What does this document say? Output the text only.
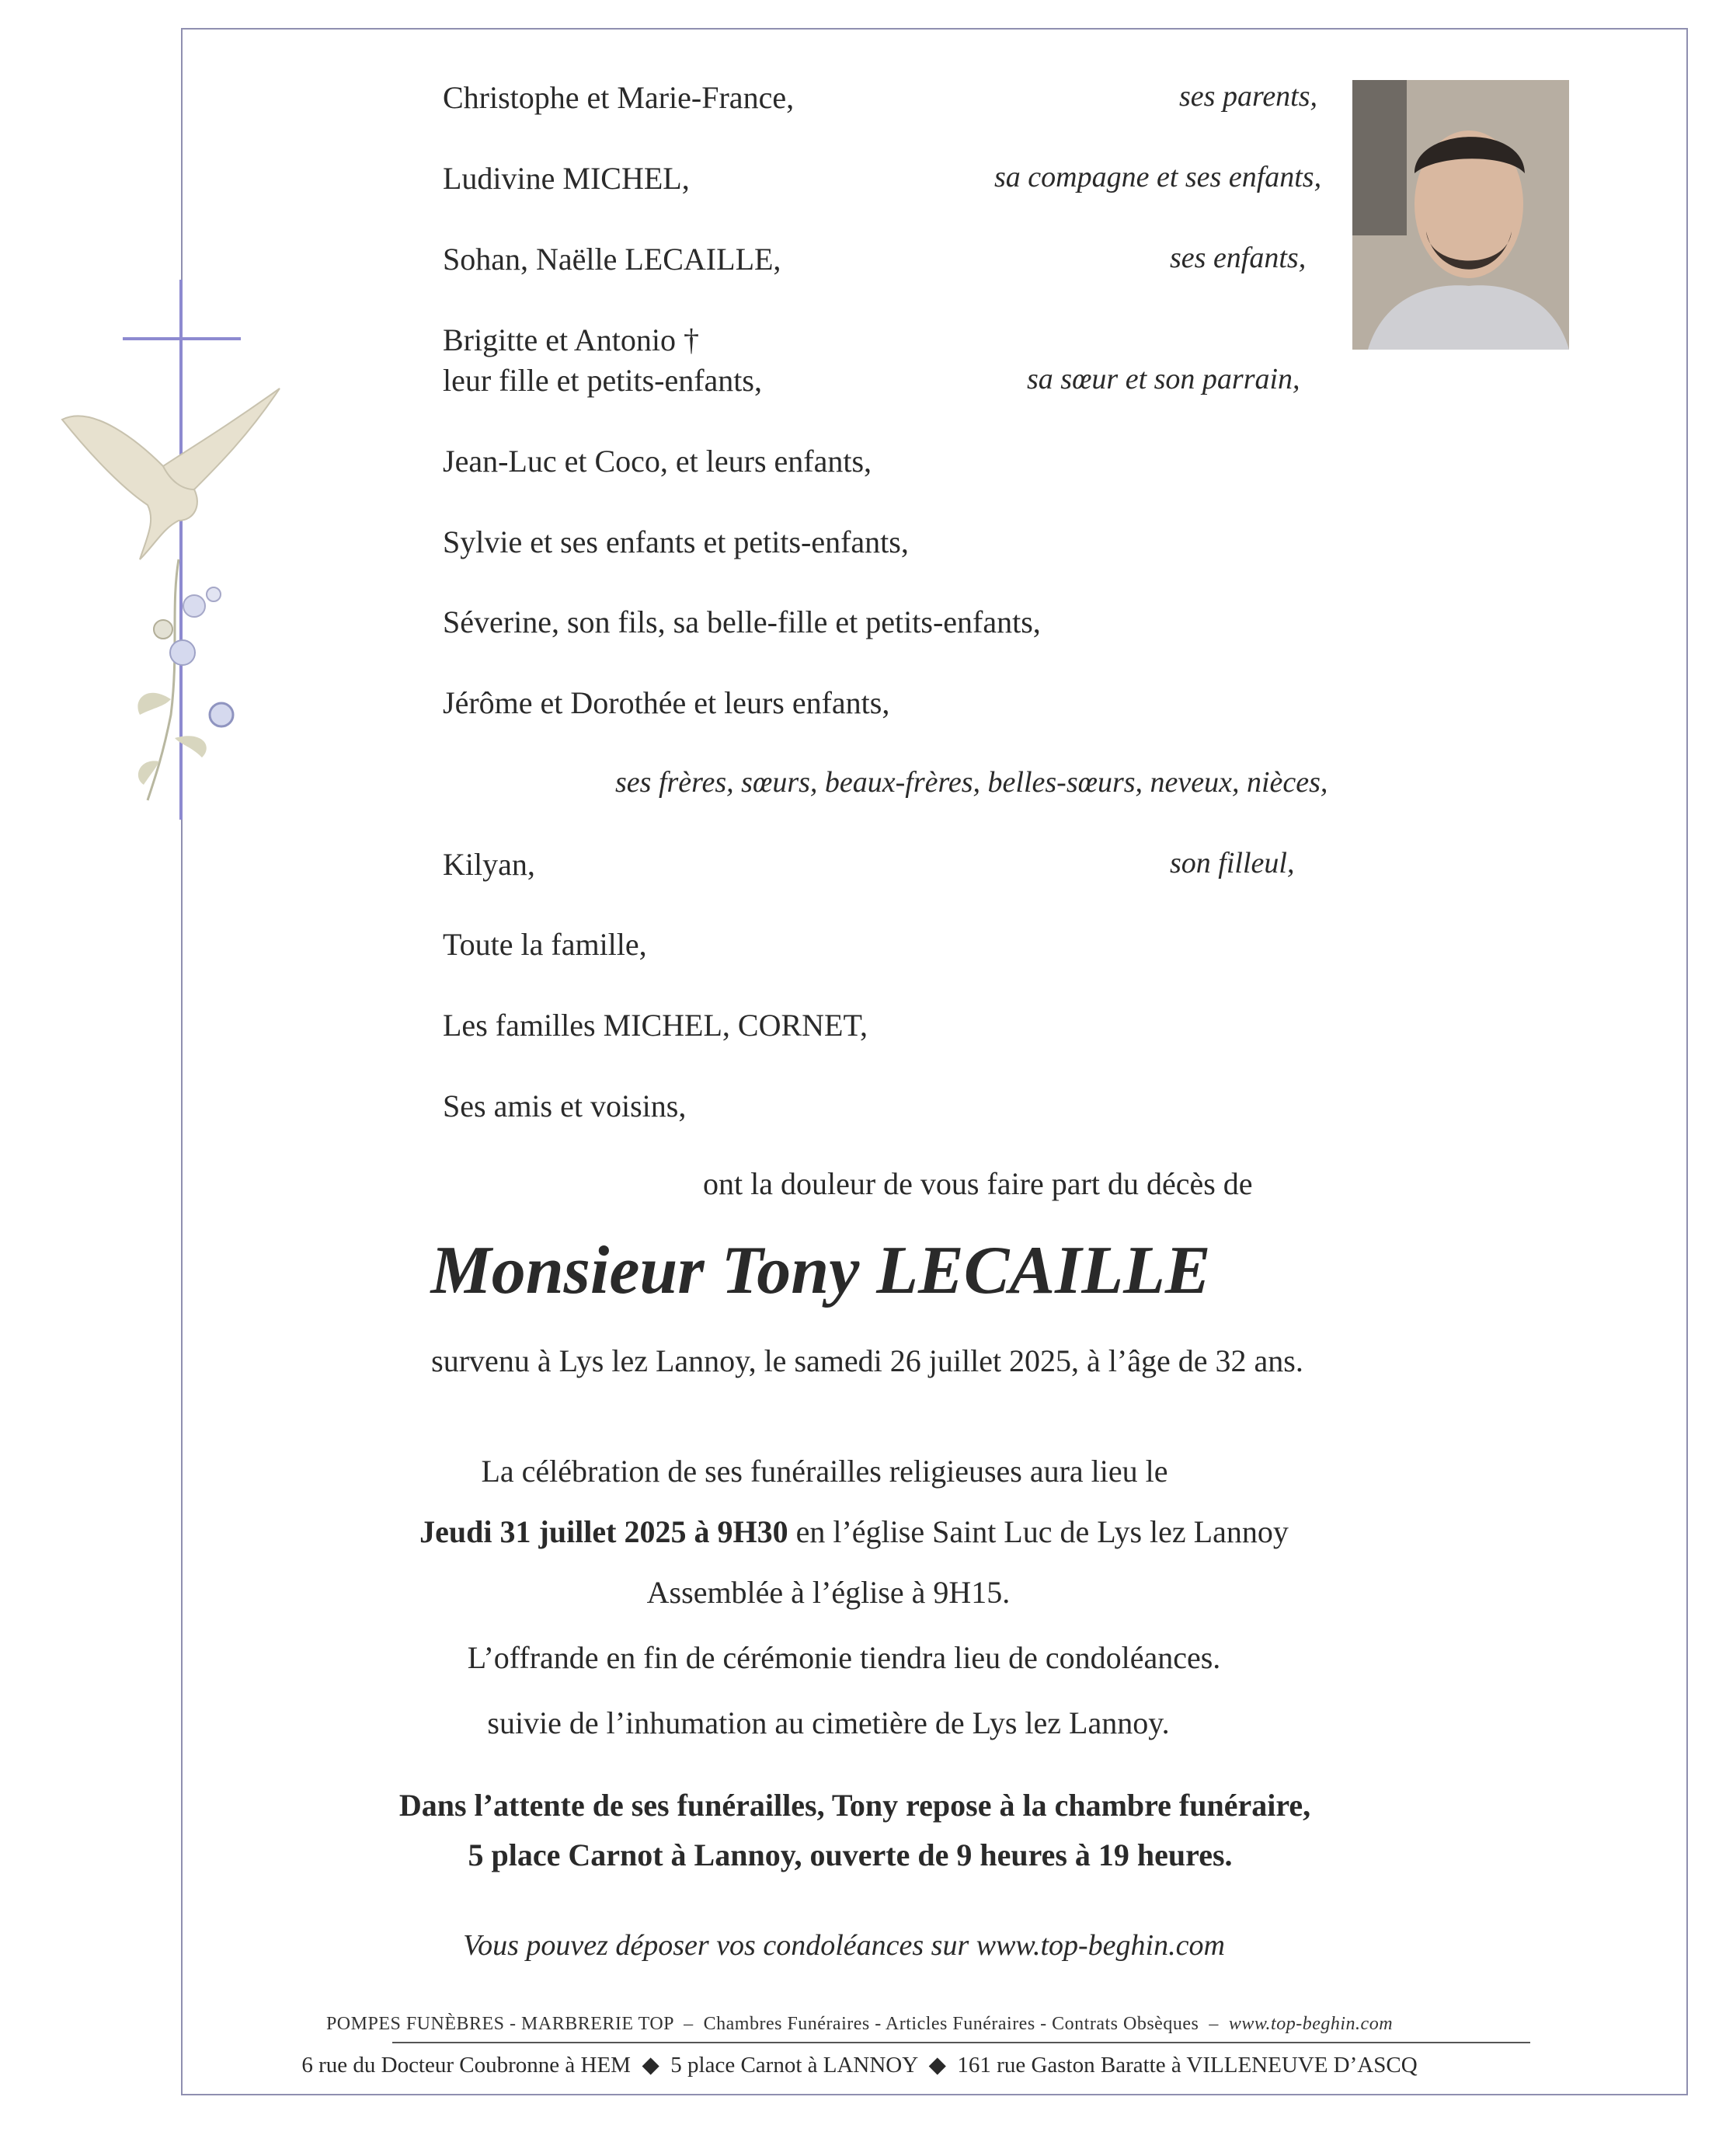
Christophe et Marie-France,	ses parents,
Ludivine MICHEL,	sa compagne et ses enfants,
Sohan, Naëlle LECAILLE,	ses enfants,
Brigitte et Antonio †
leur fille et petits-enfants,	sa sœur et son parrain,
Jean-Luc et Coco, et leurs enfants,
Sylvie et ses enfants et petits-enfants,
Séverine, son fils, sa belle-fille et petits-enfants,
Jérôme et Dorothée et leurs enfants,
ses frères, sœurs, beaux-frères, belles-sœurs, neveux, nièces,
Kilyan,	son filleul,
Toute la famille,
Les familles MICHEL, CORNET,
Ses amis et voisins,
ont la douleur de vous faire part du décès de
Monsieur Tony LECAILLE
survenu à Lys lez Lannoy, le samedi 26 juillet 2025, à l’âge de 32 ans.
La célébration de ses funérailles religieuses aura lieu le
Jeudi 31 juillet 2025 à 9H30 en l’église Saint Luc de Lys lez Lannoy
Assemblée à l’église à 9H15.
L’offrande en fin de cérémonie tiendra lieu de condoléances.
suivie de l’inhumation au cimetière de Lys lez Lannoy.
Dans l’attente de ses funérailles, Tony repose à la chambre funéraire,
5 place Carnot à Lannoy, ouverte de 9 heures à 19 heures.
Vous pouvez déposer vos condoléances sur www.top-beghin.com
POMPES FUNÈBRES - MARBRERIE TOP  –  Chambres Funéraires - Articles Funéraires - Contrats Obsèques  –  www.top-beghin.com
6 rue du Docteur Coubronne à HEM  ◆  5 place Carnot à LANNOY  ◆  161 rue Gaston Baratte à VILLENEUVE D’ASCQ
